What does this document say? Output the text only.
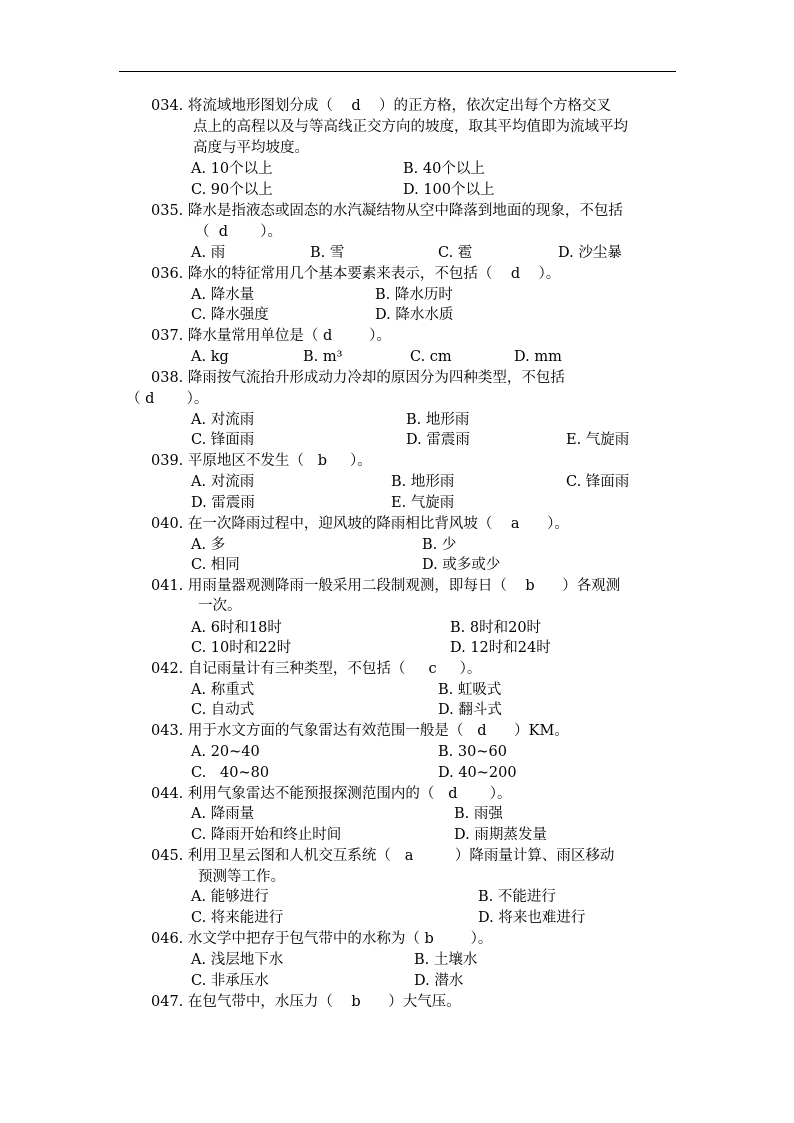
034. 将流域地形图划分成（    d    ）的正方格，依次定出每个方格交叉
点上的高程以及与等高线正交方向的坡度，取其平均值即为流域平均
高度与平均坡度。
A. 10个以上	B. 40个以上
C. 90个以上	D. 100个以上
035. 降水是指液态或固态的水汽凝结物从空中降落到地面的现象，不包括
（  d       ）。
A. 雨	B. 雪	C. 雹	D. 沙尘暴
036. 降水的特征常用几个基本要素来表示，不包括（    d    ）。
A. 降水量	B. 降水历时
C. 降水强度	D. 降水水质
037. 降水量常用单位是（ d        ）。
A. kg	B. m³	C. cm	D. mm
038. 降雨按气流抬升形成动力冷却的原因分为四种类型，不包括
（ d       ）。
A. 对流雨	B. 地形雨
C. 锋面雨	D. 雷震雨	E. 气旋雨
039. 平原地区不发生（   b     ）。
A. 对流雨	B. 地形雨	C. 锋面雨
D. 雷震雨	E. 气旋雨
040. 在一次降雨过程中，迎风坡的降雨相比背风坡（    a      ）。
A. 多	B. 少
C. 相同	D. 或多或少
041. 用雨量器观测降雨一般采用二段制观测，即每日（    b      ）各观测
一次。
A. 6时和18时	B. 8时和20时
C. 10时和22时	D. 12时和24时
042. 自记雨量计有三种类型，不包括（     c     ）。
A. 称重式	B. 虹吸式
C. 自动式	D. 翻斗式
043. 用于水文方面的气象雷达有效范围一般是（   d      ）KM。
A. 20~40	B. 30~60
C.   40~80	D. 40~200
044. 利用气象雷达不能预报探测范围内的（   d       ）。
A. 降雨量	B. 雨强
C. 降雨开始和终止时间	D. 雨期蒸发量
045. 利用卫星云图和人机交互系统（   a         ）降雨量计算、雨区移动
预测等工作。
A. 能够进行	B. 不能进行
C. 将来能进行	D. 将来也难进行
046. 水文学中把存于包气带中的水称为（ b        ）。
A. 浅层地下水	B. 土壤水
C. 非承压水	D. 潜水
047. 在包气带中，水压力（    b      ）大气压。
